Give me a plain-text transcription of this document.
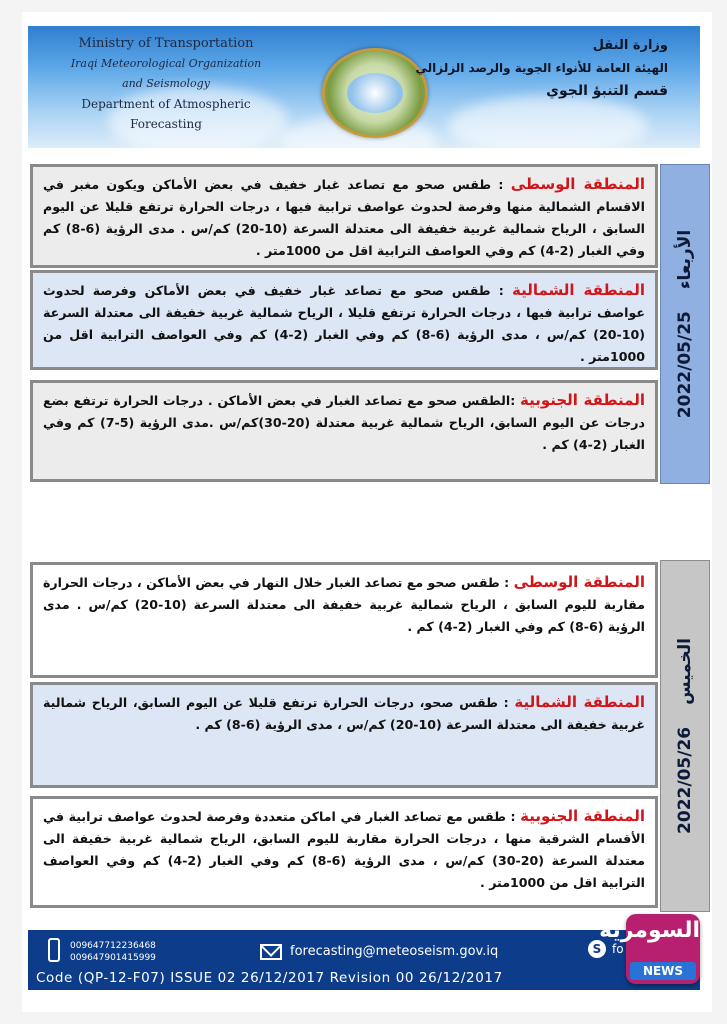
Ministry of Transportation
Iraqi Meteorological Organization and Seismology
Department of Atmospheric Forecasting
وزارة النقل
الهيئة العامة للأنواء الجوية والرصد الزلزالي
قسم التنبؤ الجوي
2022/05/25
الأربعاء
المنطقة الوسطى : طقس صحو مع تصاعد غبار خفيف في بعض الأماكن ويكون مغبر في الاقسام الشمالية منها وفرصة لحدوث عواصف ترابية فيها ، درجات الحرارة ترتفع قليلا عن اليوم السابق ، الرياح شمالية غربية خفيفة الى معتدلة السرعة (10-20) كم/س . مدى الرؤية (6-8) كم وفي الغبار (2-4) كم وفي العواصف الترابية اقل من 1000متر .
المنطقة الشمالية : طقس صحو مع تصاعد غبار خفيف في بعض الأماكن وفرصة لحدوث عواصف ترابية فيها ، درجات الحرارة ترتفع قليلا ، الرياح شمالية غربية خفيفة الى معتدلة السرعة (10-20) كم/س ، مدى الرؤية (6-8) كم وفي الغبار (2-4) كم وفي العواصف الترابية اقل من 1000متر .
المنطقة الجنوبية :الطقس صحو مع تصاعد الغبار في بعض الأماكن . درجات الحرارة ترتفع بضع درجات عن اليوم السابق، الرياح شمالية غربية معتدلة (20-30)كم/س .مدى الرؤية (5-7) كم وفي الغبار (2-4) كم .
2022/05/26
الخميس
المنطقة الوسطى : طقس صحو مع تصاعد الغبار خلال النهار في بعض الأماكن ، درجات الحرارة مقاربة لليوم السابق ، الرياح شمالية غربية خفيفة الى معتدلة السرعة (10-20) كم/س . مدى الرؤية (6-8) كم وفي الغبار (2-4) كم .
المنطقة الشمالية : طقس صحو، درجات الحرارة ترتفع قليلا عن اليوم السابق، الرياح شمالية غربية خفيفة الى معتدلة السرعة (10-20) كم/س ، مدى الرؤية (6-8) كم .
المنطقة الجنوبية : طقس مع تصاعد الغبار في اماكن متعددة وفرصة لحدوث عواصف ترابية في الأقسام الشرقية منها ، درجات الحرارة مقاربة لليوم السابق، الرياح شمالية غربية خفيفة الى معتدلة السرعة (20-30) كم/س ، مدى الرؤية (6-8) كم وفي الغبار (2-4) كم وفي العواصف الترابية اقل من 1000متر .
009647712236468
009647901415999	forecasting@meteoseism.gov.iq	S fo
Code (QP-12-F07) ISSUE 02 26/12/2017 Revision 00 26/12/2017
السومرية
NEWS
